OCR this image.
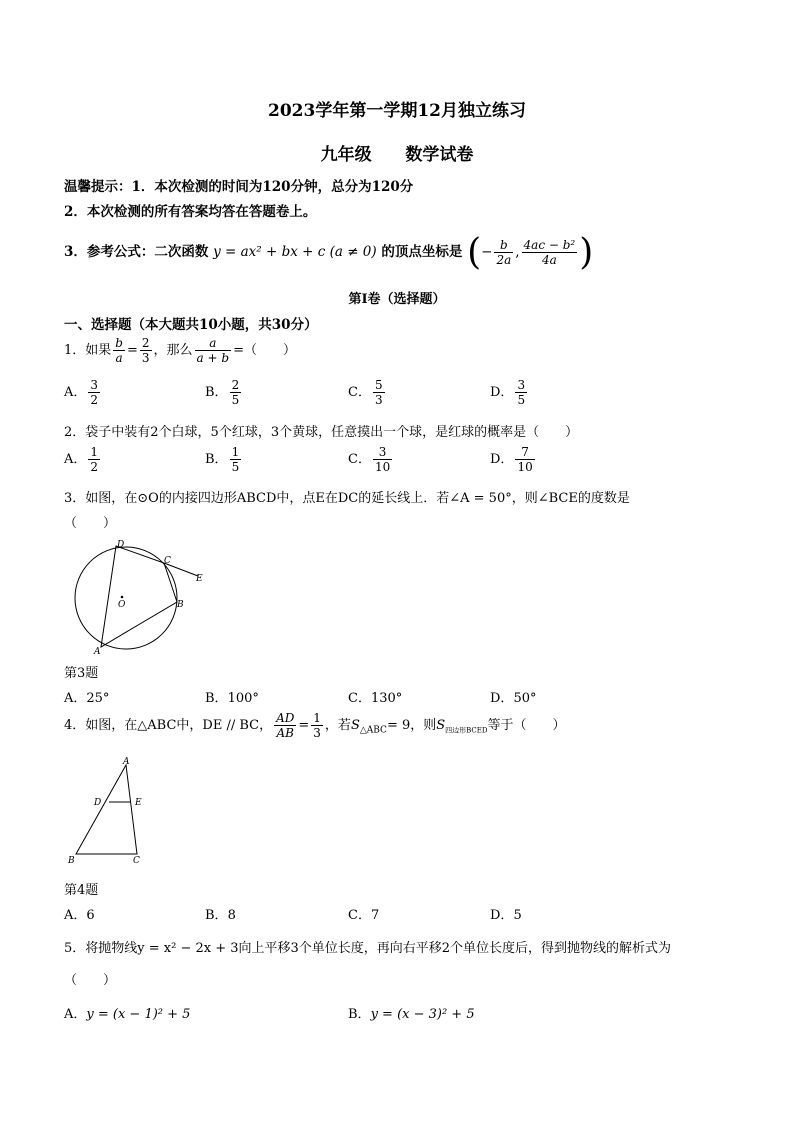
2023学年第一学期12月独立练习
九年级 数学试卷
温馨提示：1．本次检测的时间为120分钟，总分为120分
2．本次检测的所有答案均答在答题卷上。
3．参考公式：二次函数 y = ax² + bx + c (a ≠ 0) 的顶点坐标是 (− $\frac{b}{2a}$ , $\frac{\text{4ac − b²}}{4a}$ )
第Ⅰ卷（选择题）
一、选择题（本大题共10小题，共30分）
1．如果 $\frac{b}{a} = \frac{2}{3}$ ，那么 $\frac{a}{a + b}$ =（　　）
A． $\frac{3}{2}$	B． $\frac{2}{5}$	C． $\frac{5}{3}$	D． $\frac{3}{5}$
2．袋子中装有2个白球，5个红球，3个黄球，任意摸出一个球，是红球的概率是（　　）
A． $\frac{1}{2}$	B． $\frac{1}{5}$	C． $\frac{3}{10}$	D． $\frac{7}{10}$
3．如图，在⊙O的内接四边形ABCD中，点E在DC的延长线上．若∠A = 50°，则∠BCE的度数是
（　　）
D
C
E
O	B
A
第3题
A．25°	B．100°	C．130°	D．50°
4．如图，在△ABC中，DE // BC， $\frac{AD}{AB} = \frac{1}{3}$ ，若$S_{\triangle ABC}= 9$，则$S_{四边形BCED}$等于（　　）
A
D	E
B	C
第4题
A．6	B．8	C．7	D．5
5．将抛物线y = x² − 2x + 3向上平移3个单位长度，再向右平移2个单位长度后，得到抛物线的解析式为
（　　）
A．y = (x − 1)² + 5	B．y = (x − 3)² + 5
